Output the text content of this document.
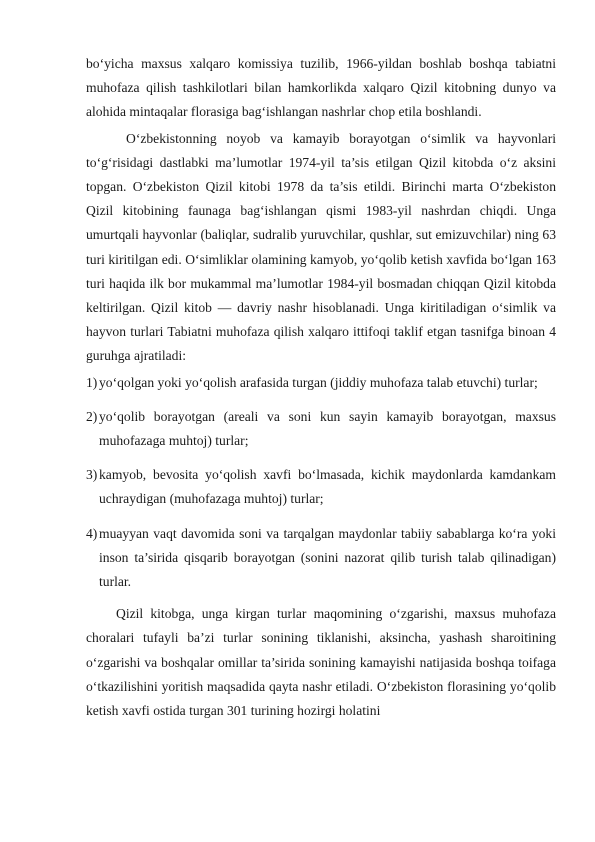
bo‘yicha maxsus xalqaro komissiya tuzilib, 1966-yildan boshlab boshqa tabiatni muhofaza qilish tashkilotlari bilan hamkorlikda xalqaro Qizil kitobning dunyo va alohida mintaqalar florasiga bag‘ishlangan nashrlar chop etila boshlandi.

O‘zbekistonning noyob va kamayib borayotgan o‘simlik va hayvonlari to‘g‘risidagi dastlabki ma’lumotlar 1974-yil ta’sis etilgan Qizil kitobda o‘z aksini topgan. O‘zbekiston Qizil kitobi 1978 da ta’sis etildi. Birinchi marta O‘zbekiston Qizil kitobining faunaga bag‘ishlangan qismi 1983-yil nashrdan chiqdi. Unga umurtqali hayvonlar (baliqlar, sudralib yuruvchilar, qushlar, sut emizuvchilar) ning 63 turi kiritilgan edi. O‘simliklar olamining kamyob, yo‘qolib ketish xavfida bo‘lgan 163 turi haqida ilk bor mukammal ma’lumotlar 1984-yil bosmadan chiqqan Qizil kitobda keltirilgan. Qizil kitob — davriy nashr hisoblanadi. Unga kiritiladigan o‘simlik va hayvon turlari Tabiatni muhofaza qilish xalqaro ittifoqi taklif etgan tasnifga binoan 4 guruhga ajratiladi:

1) yo‘qolgan yoki yo‘qolish arafasida turgan (jiddiy muhofaza talab etuvchi) turlar;
2) yo‘qolib borayotgan (areali va soni kun sayin kamayib borayotgan, maxsus muhofazaga muhtoj) turlar;
3) kamyob, bevosita yo‘qolish xavfi bo‘lmasada, kichik maydonlarda kamdankam uchraydigan (muhofazaga muhtoj) turlar;
4) muayyan vaqt davomida soni va tarqalgan maydonlar tabiiy sabablarga ko‘ra yoki inson ta’sirida qisqarib borayotgan (sonini nazorat qilib turish talab qilinadigan) turlar.

Qizil kitobga, unga kirgan turlar maqomining o‘zgarishi, maxsus muhofaza choralari tufayli ba’zi turlar sonining tiklanishi, aksincha, yashash sharoitining o‘zgarishi va boshqalar omillar ta’sirida sonining kamayishi natijasida boshqa toifaga o‘tkazilishini yoritish maqsadida qayta nashr etiladi. O‘zbekiston florasining yo‘qolib ketish xavfi ostida turgan 301 turining hozirgi holatini
